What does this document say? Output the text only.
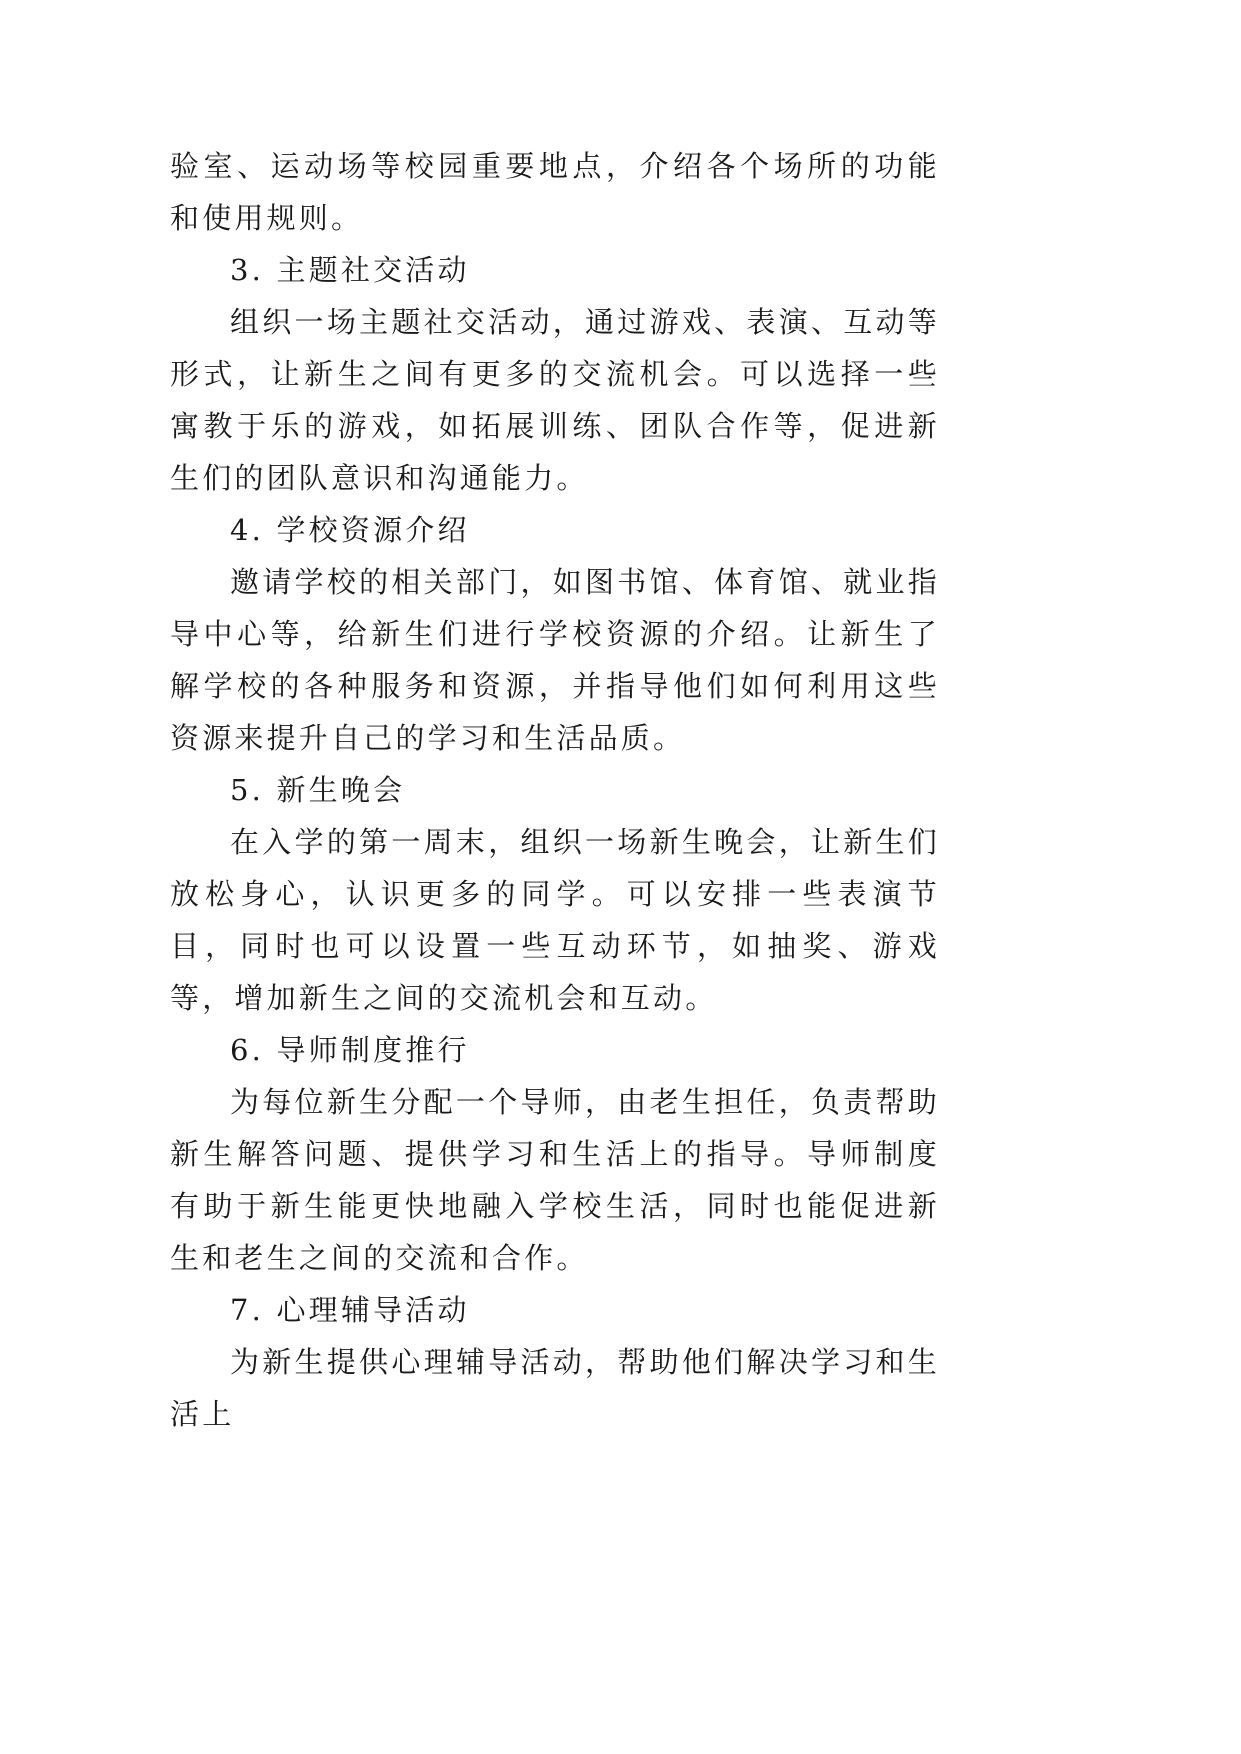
验室、运动场等校园重要地点，介绍各个场所的功能和使用规则。

3. 主题社交活动

组织一场主题社交活动，通过游戏、表演、互动等形式，让新生之间有更多的交流机会。可以选择一些寓教于乐的游戏，如拓展训练、团队合作等，促进新生们的团队意识和沟通能力。

4. 学校资源介绍

邀请学校的相关部门，如图书馆、体育馆、就业指导中心等，给新生们进行学校资源的介绍。让新生了解学校的各种服务和资源，并指导他们如何利用这些资源来提升自己的学习和生活品质。

5. 新生晚会

在入学的第一周末，组织一场新生晚会，让新生们放松身心，认识更多的同学。可以安排一些表演节目，同时也可以设置一些互动环节，如抽奖、游戏等，增加新生之间的交流机会和互动。

6. 导师制度推行

为每位新生分配一个导师，由老生担任，负责帮助新生解答问题、提供学习和生活上的指导。导师制度有助于新生能更快地融入学校生活，同时也能促进新生和老生之间的交流和合作。

7. 心理辅导活动

为新生提供心理辅导活动，帮助他们解决学习和生活上
